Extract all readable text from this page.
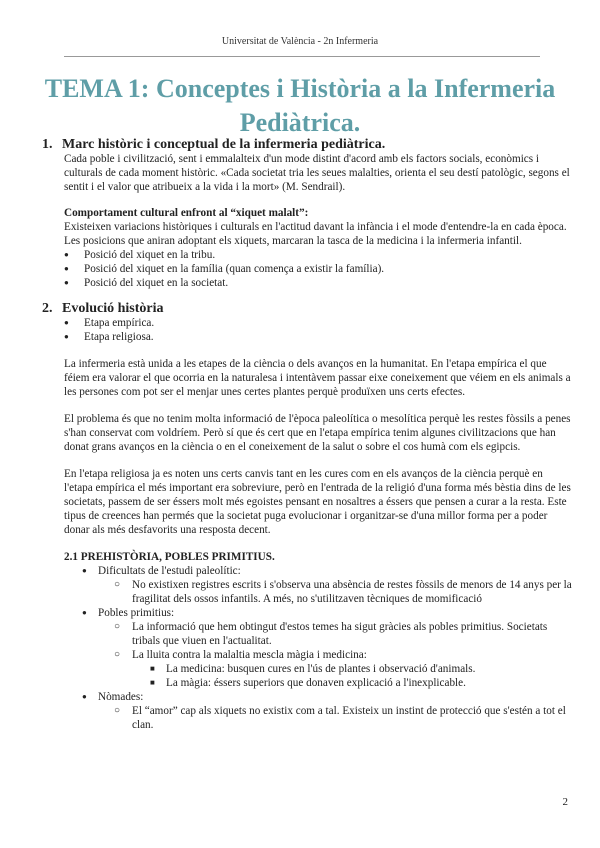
Universitat de València - 2n Infermeria
TEMA 1: Conceptes i Història a la Infermeria
Pediàtrica.

1. Marc històric i conceptual de la infermeria pediàtrica.

Cada poble i civilització, sent i emmalalteix d'un mode distint d'acord amb els factors socials, econòmics i culturals de cada moment històric. «Cada societat tria les seues malalties, orienta el seu destí patològic, segons el sentit i el valor que atribueix a la vida i la mort» (M. Sendrail).

Comportament cultural enfront al “xiquet malalt”:

Existeixen variacions històriques i culturals en l'actitud davant la infància i el mode d'entendre-la en cada època. Les posicions que aniran adoptant els xiquets, marcaran la tasca de la medicina i la infermeria infantil.

● Posició del xiquet en la tribu.
● Posició del xiquet en la família (quan comença a existir la família).
● Posició del xiquet en la societat.

2. Evolució història

● Etapa empírica.
● Etapa religiosa.

La infermeria està unida a les etapes de la ciència o dels avanços en la humanitat. En l'etapa empírica el que féiem era valorar el que ocorria en la naturalesa i intentàvem passar eixe coneixement que véiem en els animals a les persones com pot ser el menjar unes certes plantes perquè produïxen uns certs efectes.

El problema és que no tenim molta informació de l'època paleolítica o mesolítica perquè les restes fòssils a penes s'han conservat com voldríem. Però sí que és cert que en l'etapa empírica tenim algunes civilitzacions que han donat grans avanços en la ciència o en el coneixement de la salut o sobre el cos humà com els egipcis.

En l'etapa religiosa ja es noten uns certs canvis tant en les cures com en els avanços de la ciència perquè en l'etapa empírica el més important era sobreviure, però en l'entrada de la religió d'una forma més bèstia dins de les societats, passem de ser éssers molt més egoistes pensant en nosaltres a éssers que pensen a curar a la resta. Este tipus de creences han permés que la societat puga evolucionar i organitzar-se d'una millor forma per a poder donar als més desfavorits una resposta decent.

2.1 PREHISTÒRIA, POBLES PRIMITIUS.

● Dificultats de l'estudi paleolític:
○ No existixen registres escrits i s'observa una absència de restes fòssils de menors de 14 anys per la fragilitat dels ossos infantils. A més, no s'utilitzaven tècniques de momificació
● Pobles primitius:
○ La informació que hem obtingut d'estos temes ha sigut gràcies als pobles primitius. Societats tribals que viuen en l'actualitat.
○ La lluita contra la malaltia mescla màgia i medicina:
■ La medicina: busquen cures en l'ús de plantes i observació d'animals.
■ La màgia: éssers superiors que donaven explicació a l'inexplicable.
● Nòmades:
○ El “amor” cap als xiquets no existix com a tal. Existeix un instint de protecció que s'estén a tot el clan.
2
